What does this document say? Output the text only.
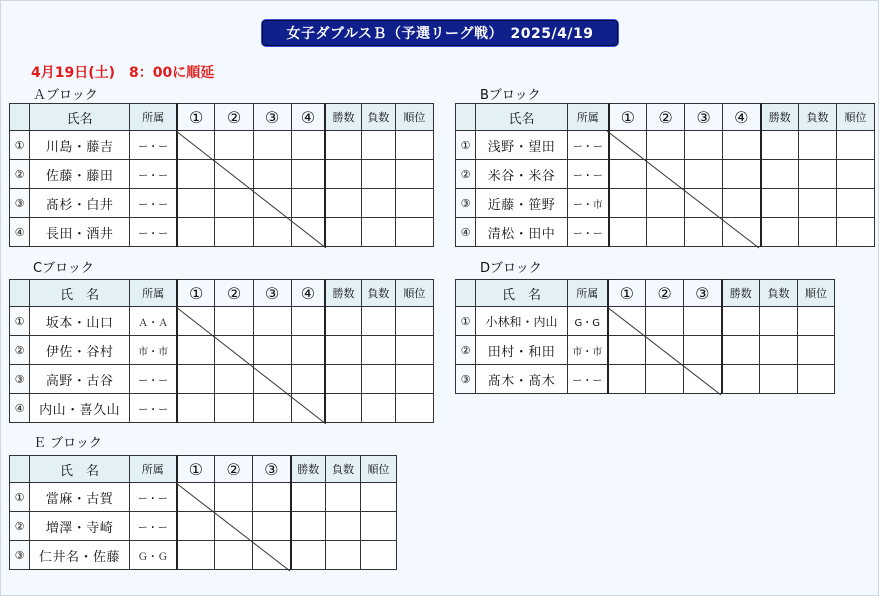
女子ダブルスＢ（予選リーグ戦）　2025/4/19
4月19日(土)　8：00に順延
Ａブロック
	氏名	所属	①	②	③	④	勝数	負数	順位
①	川島・藤吉	ー・ー							
②	佐藤・藤田	ー・ー							
③	髙杉・白井	ー・ー							
④	長田・酒井	ー・ー							
Bブロック
	氏名	所属	①	②	③	④	勝数	負数	順位
①	浅野・望田	ー・ー							
②	米谷・米谷	ー・ー							
③	近藤・笹野	ー・市							
④	清松・田中	ー・ー							
Cブロック
	氏　名	所属	①	②	③	④	勝数	負数	順位
①	坂本・山口	Ａ・Ａ							
②	伊佐・谷村	市・市							
③	高野・古谷	ー・ー							
④	内山・喜久山	ー・ー							
Dブロック
	氏　名	所属	①	②	③	勝数	負数	順位
①	小林和・内山	G・G						
②	田村・和田	市・市						
③	髙木・髙木	ー・ー						
Ｅ ブロック
	氏　名	所属	①	②	③	勝数	負数	順位
①	當麻・古賀	ー・ー						
②	増澤・寺崎	ー・ー						
③	仁井名・佐藤	Ｇ・Ｇ						
